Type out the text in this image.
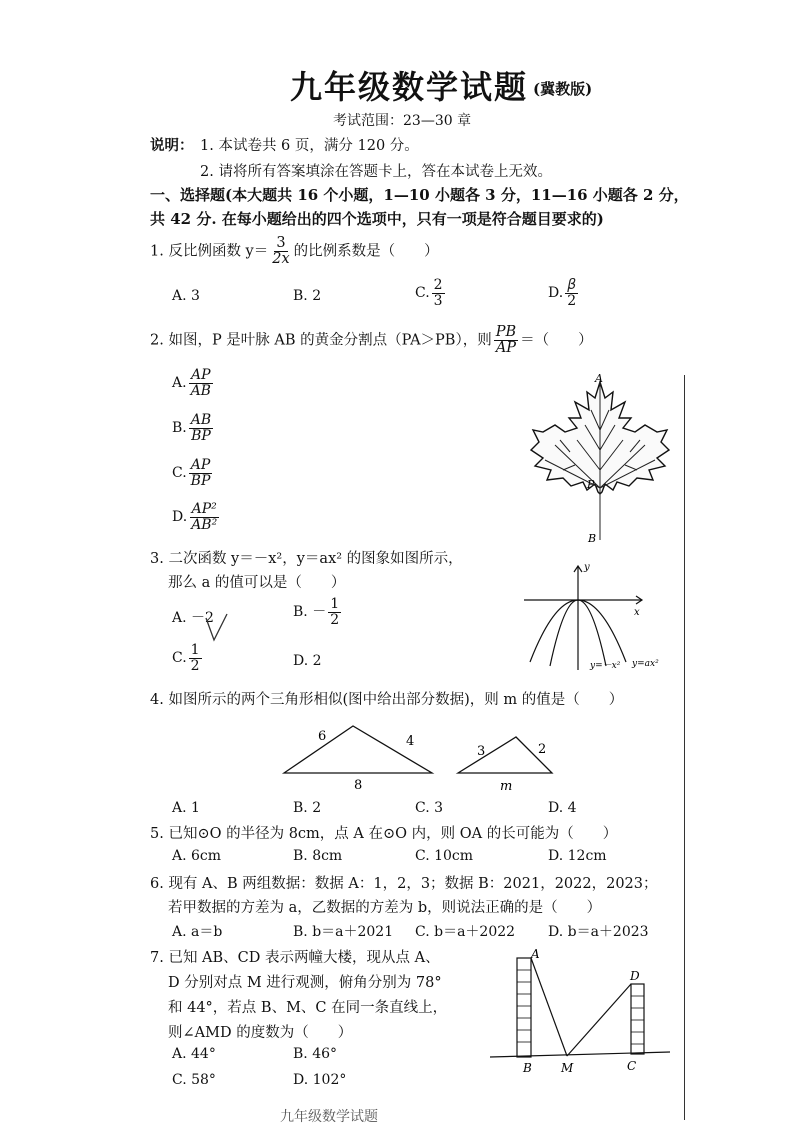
九年级数学试题 (冀教版)
考试范围：23—30 章
说明： 1. 本试卷共 6 页，满分 120 分。
2. 请将所有答案填涂在答题卡上，答在本试卷上无效。
一、选择题(本大题共 16 个小题，1—10 小题各 3 分，11—16 小题各 2 分，
共 42 分. 在每小题给出的四个选项中，只有一项是符合题目要求的)
1. 反比例函数 $y= \frac{3}{2x}$ 的比例系数是（　　）
A. 3	B. 2	C. $\frac{2}{3}$	D. $\frac{\beta}{2}$
2. 如图，P 是叶脉 AB 的黄金分割点（PA＞PB），则 $\frac{PB}{AP}$ ＝（　　）
A. $\frac{AP}{AB}$
B. $\frac{AB}{BP}$
C. $\frac{AP}{BP}$
D. $\frac{\text{AP²}}{\text{AB²}}$
A
P
B
3. 二次函数 y＝－x²，y＝ax² 的图象如图所示，
那么 a 的值可以是（　　）
A. －2	B. － $\frac{1}{2}$
C. $\frac{1}{2}$	D. 2
y
x
y=－x² y=ax²
4. 如图所示的两个三角形相似(图中给出部分数据)，则 m 的值是（　　）
6	4
8
3	2
m
A. 1	B. 2	C. 3	D. 4
5. 已知⊙O 的半径为 8cm，点 A 在⊙O 内，则 OA 的长可能为（　　）
A. 6cm	B. 8cm	C. 10cm	D. 12cm
6. 现有 A、B 两组数据：数据 A：1，2，3；数据 B：2021，2022，2023；
若甲数据的方差为 a，乙数据的方差为 b，则说法正确的是（　　）
A. a＝b	B. b＝a＋2021 C. b＝a＋2022 D. b＝a＋2023
7. 已知 AB、CD 表示两幢大楼，现从点 A、
D 分别对点 M 进行观测，俯角分别为 78°
和 44°，若点 B、M、C 在同一条直线上，
则∠AMD 的度数为（　　）
A. 44°	B. 46°
C. 58°	D. 102°
A
D
B M	C
九年级数学试题
